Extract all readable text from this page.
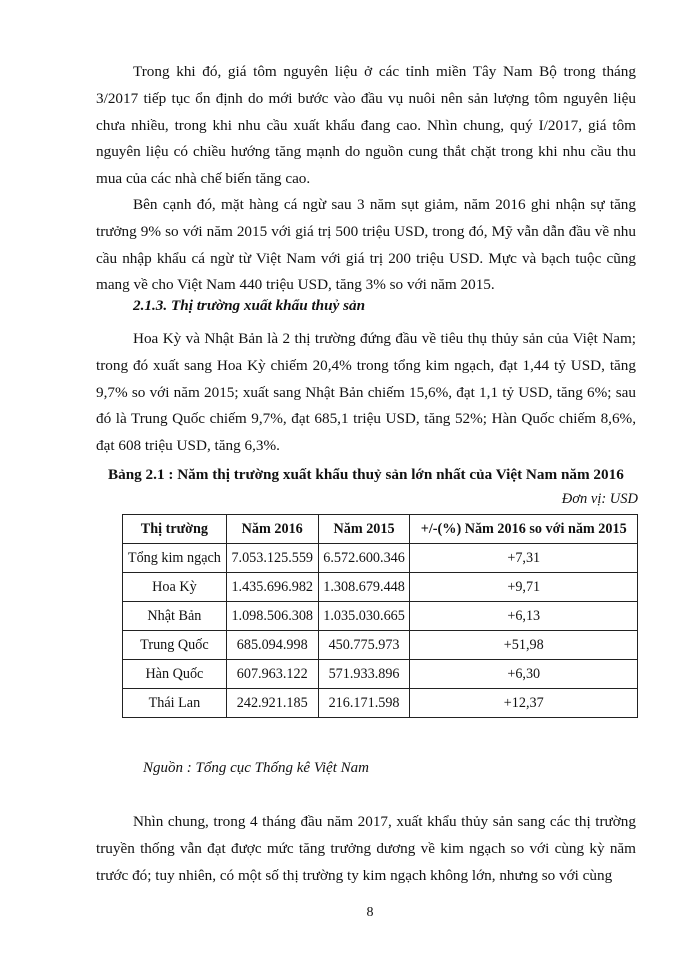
Trong khi đó, giá tôm nguyên liệu ở các tỉnh miền Tây Nam Bộ trong tháng 3/2017 tiếp tục ổn định do mới bước vào đầu vụ nuôi nên sản lượng tôm nguyên liệu chưa nhiều, trong khi nhu cầu xuất khẩu đang cao. Nhìn chung, quý I/2017, giá tôm nguyên liệu có chiều hướng tăng mạnh do nguồn cung thắt chặt trong khi nhu cầu thu mua của các nhà chế biến tăng cao.

Bên cạnh đó, mặt hàng cá ngừ sau 3 năm sụt giảm, năm 2016 ghi nhận sự tăng trưởng 9% so với năm 2015 với giá trị 500 triệu USD, trong đó, Mỹ vẫn dẫn đầu về nhu cầu nhập khẩu cá ngừ từ Việt Nam với giá trị 200 triệu USD. Mực và bạch tuộc cũng mang về cho Việt Nam 440 triệu USD, tăng 3% so với năm 2015.

2.1.3. Thị trường xuất khẩu thuỷ sản

Hoa Kỳ và Nhật Bản là 2 thị trường đứng đầu về tiêu thụ thủy sản của Việt Nam; trong đó xuất sang Hoa Kỳ chiếm 20,4% trong tổng kim ngạch, đạt 1,44 tỷ USD, tăng 9,7% so với năm 2015; xuất sang Nhật Bản chiếm 15,6%, đạt 1,1 tỷ USD, tăng 6%; sau đó là Trung Quốc chiếm 9,7%, đạt 685,1 triệu USD, tăng 52%; Hàn Quốc chiếm 8,6%, đạt 608 triệu USD, tăng 6,3%.

Bảng 2.1 : Năm thị trường xuất khẩu thuỷ sản lớn nhất của Việt Nam năm 2016

Đơn vị: USD

Thị trường	Năm 2016	Năm 2015	+/-(%) Năm 2016 so với năm 2015
Tổng kim ngạch	7.053.125.559	6.572.600.346	+7,31
Hoa Kỳ	1.435.696.982	1.308.679.448	+9,71
Nhật Bản	1.098.506.308	1.035.030.665	+6,13
Trung Quốc	685.094.998	450.775.973	+51,98
Hàn Quốc	607.963.122	571.933.896	+6,30
Thái Lan	242.921.185	216.171.598	+12,37

Nguồn : Tổng cục Thống kê Việt Nam

Nhìn chung, trong 4 tháng đầu năm 2017, xuất khẩu thủy sản sang các thị trường truyền thống vẫn đạt được mức tăng trưởng dương về kim ngạch so với cùng kỳ năm trước đó; tuy nhiên, có một số thị trường ty kim ngạch không lớn, nhưng so với cùng

8
